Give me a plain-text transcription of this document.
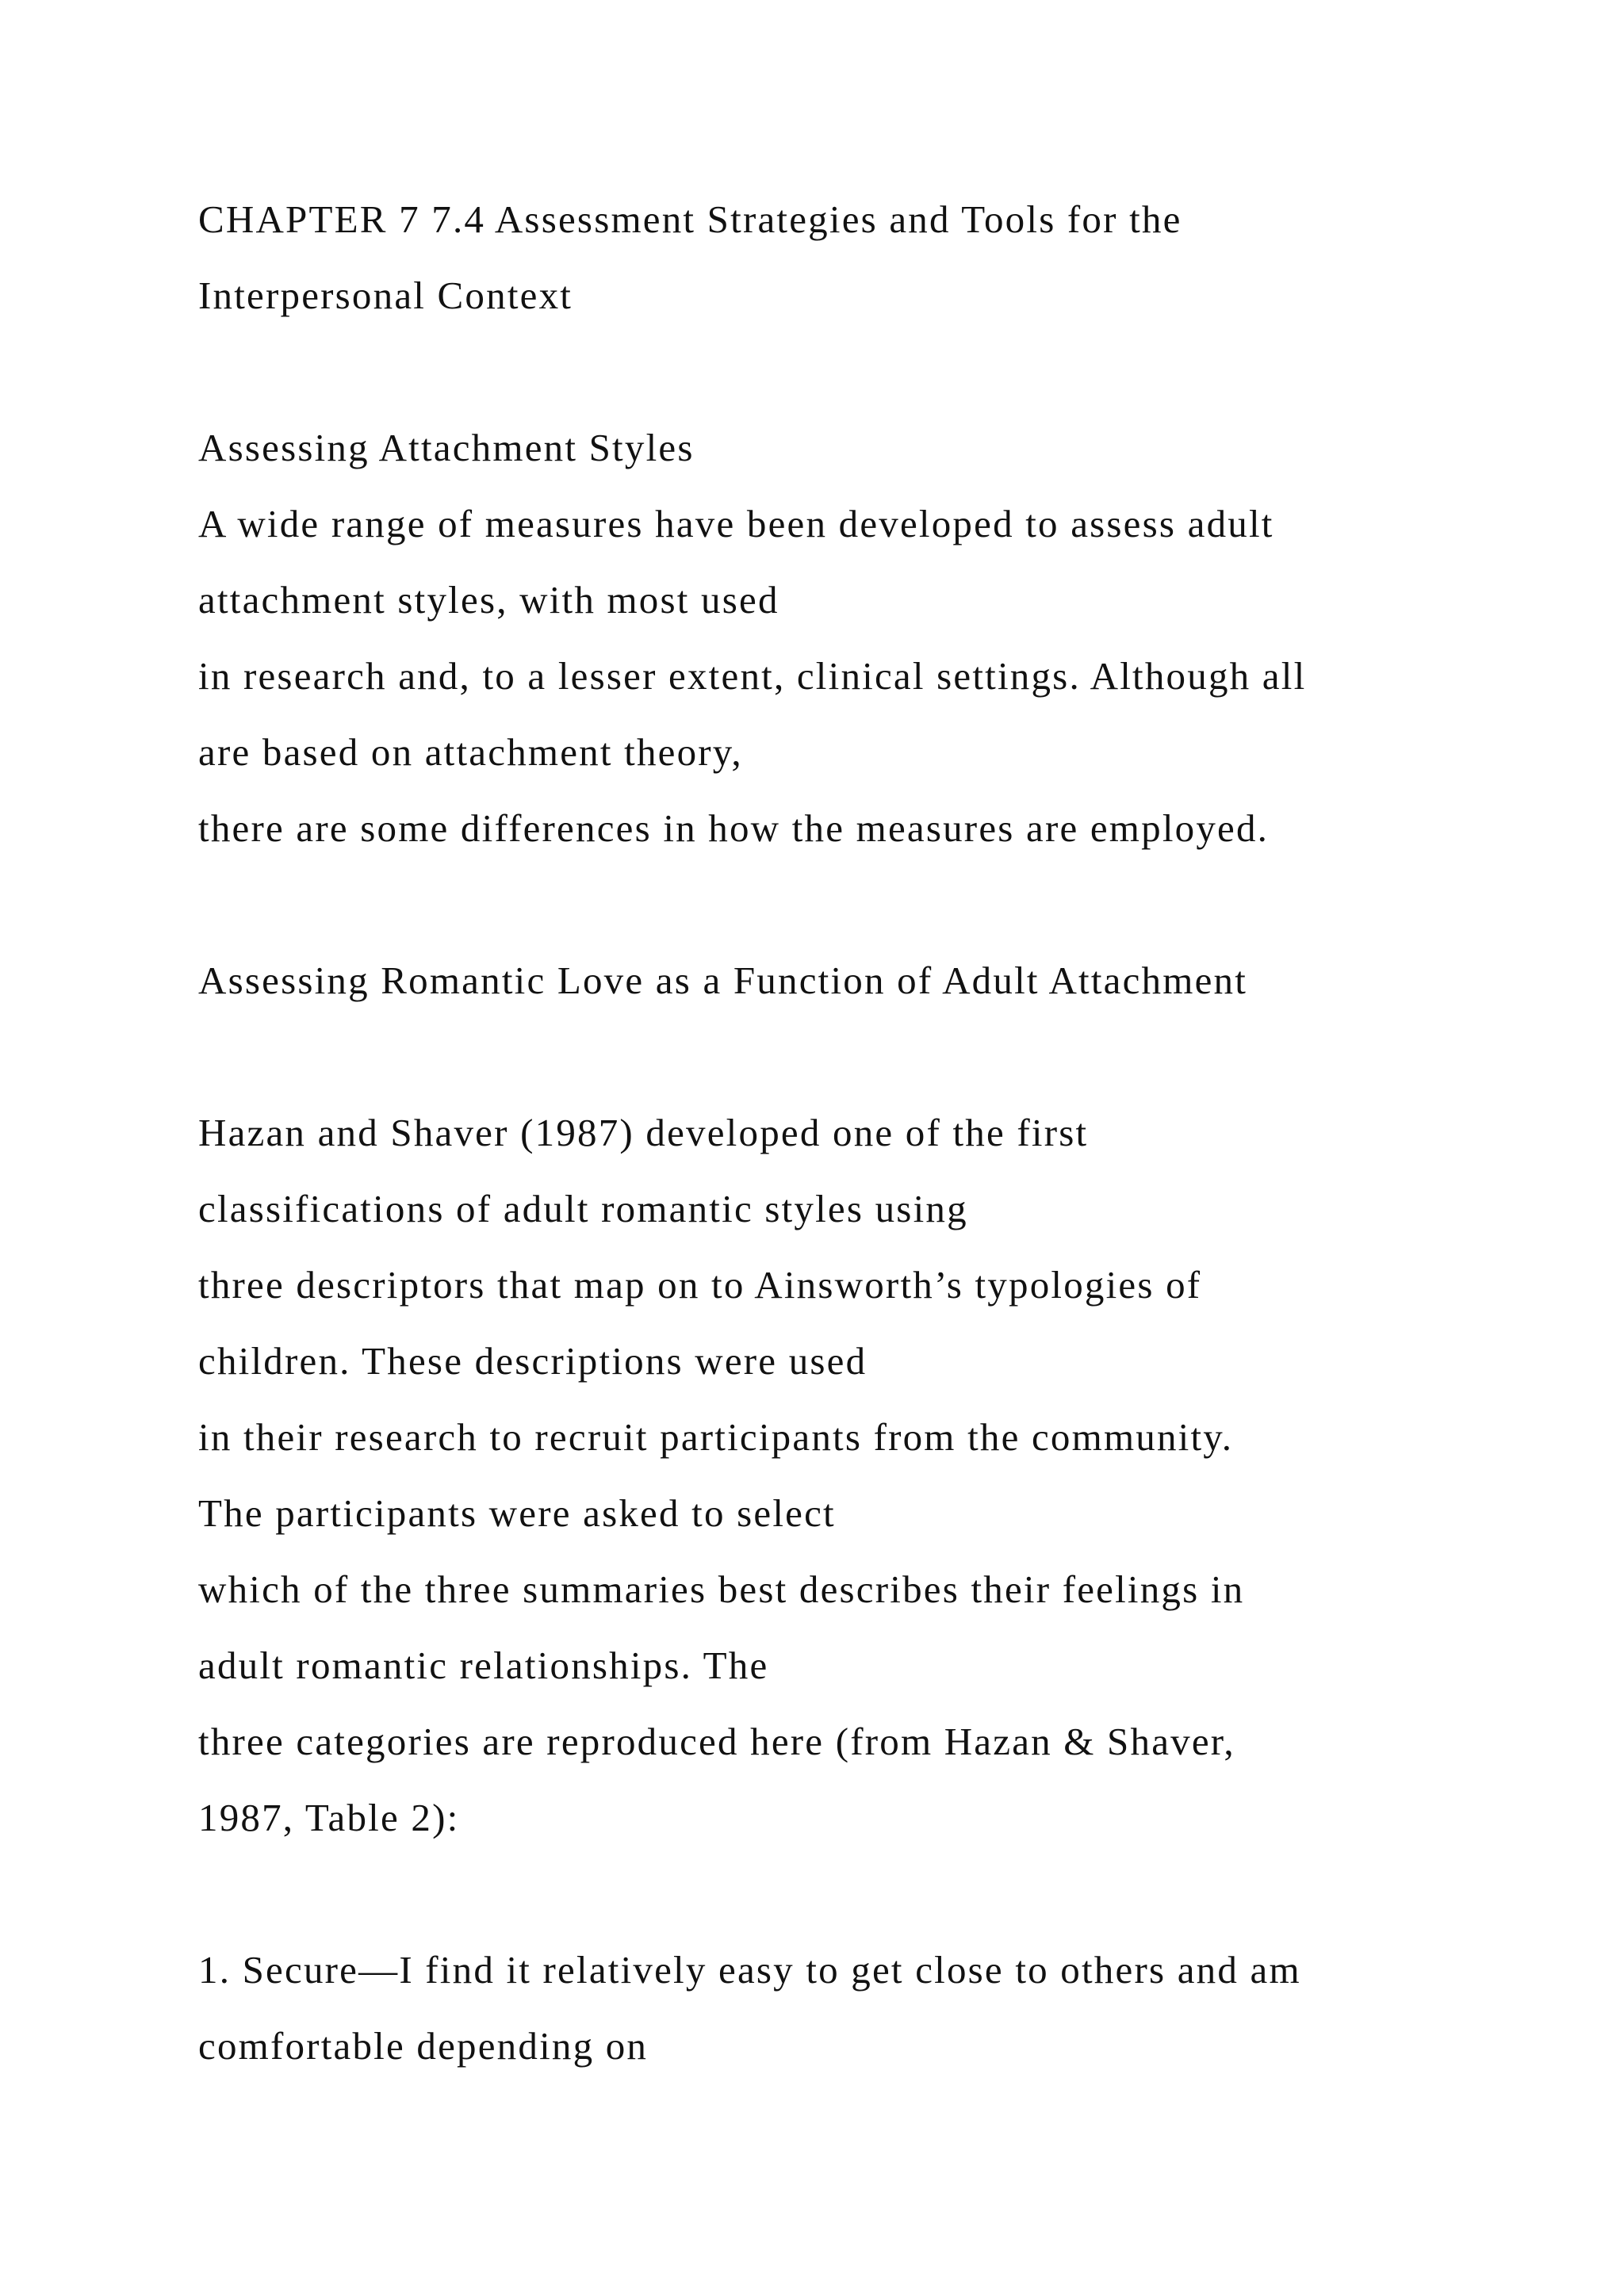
CHAPTER 7 7.4 Assessment Strategies and Tools for the
Interpersonal Context
Assessing Attachment Styles
A wide range of measures have been developed to assess adult
attachment styles, with most used
in research and, to a lesser extent, clinical settings. Although all
are based on attachment theory,
there are some differences in how the measures are employed.
Assessing Romantic Love as a Function of Adult Attachment
Hazan and Shaver (1987) developed one of the first
classifications of adult romantic styles using
three descriptors that map on to Ainsworth’s typologies of
children. These descriptions were used
in their research to recruit participants from the community.
The participants were asked to select
which of the three summaries best describes their feelings in
adult romantic relationships. The
three categories are reproduced here (from Hazan & Shaver,
1987, Table 2):
1. Secure—I find it relatively easy to get close to others and am
comfortable depending on
